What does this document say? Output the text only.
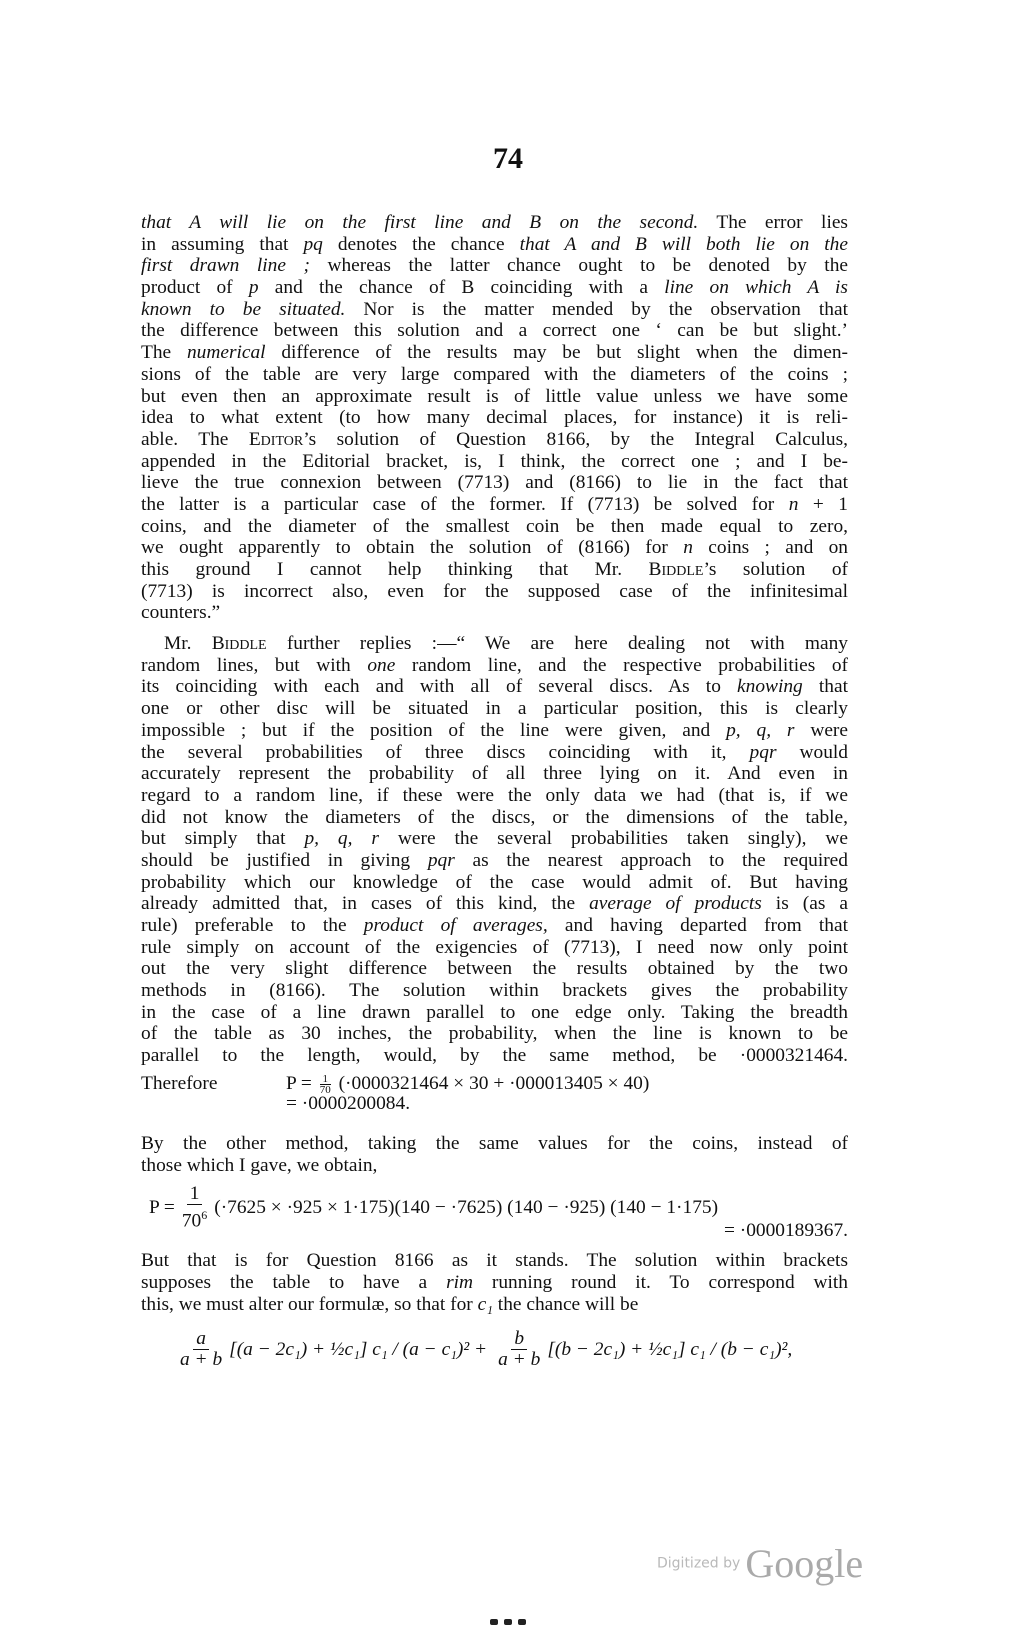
74
that A will lie on the first line and B on the second. The error lies
in assuming that pq denotes the chance that A and B will both lie on the
first drawn line ; whereas the latter chance ought to be denoted by the
product of p and the chance of B coinciding with a line on which A is
known to be situated. Nor is the matter mended by the observation that
the difference between this solution and a correct one ‘ can be but slight.’
The numerical difference of the results may be but slight when the dimen-
sions of the table are very large compared with the diameters of the coins ;
but even then an approximate result is of little value unless we have some
idea to what extent (to how many decimal places, for instance) it is reli-
able. The Editor’s solution of Question 8166, by the Integral Calculus,
appended in the Editorial bracket, is, I think, the correct one ; and I be-
lieve the true connexion between (7713) and (8166) to lie in the fact that
the latter is a particular case of the former. If (7713) be solved for n + 1
coins, and the diameter of the smallest coin be then made equal to zero,
we ought apparently to obtain the solution of (8166) for n coins ; and on
this ground I cannot help thinking that Mr. Biddle’s solution of
(7713) is incorrect also, even for the supposed case of the infinitesimal
counters.”
Mr. Biddle further replies :—“ We are here dealing not with many
random lines, but with one random line, and the respective probabilities of
its coinciding with each and with all of several discs. As to knowing that
one or other disc will be situated in a particular position, this is clearly
impossible ; but if the position of the line were given, and p, q, r were
the several probabilities of three discs coinciding with it, pqr would
accurately represent the probability of all three lying on it. And even in
regard to a random line, if these were the only data we had (that is, if we
did not know the diameters of the discs, or the dimensions of the table,
but simply that p, q, r were the several probabilities taken singly), we
should be justified in giving pqr as the nearest approach to the required
probability which our knowledge of the case would admit of. But having
already admitted that, in cases of this kind, the average of products is (as a
rule) preferable to the product of averages, and having departed from that
rule simply on account of the exigencies of (7713), I need now only point
out the very slight difference between the results obtained by the two
methods in (8166). The solution within brackets gives the probability
in the case of a line drawn parallel to one edge only. Taking the breadth
of the table as 30 inches, the probability, when the line is known to be
parallel to the length, would, by the same method, be ·0000321464.
Therefore	$P = \frac{1}{70} (\cdot 0000321464 \times 30 + \cdot 000013405 \times 40)$
= ·0000200084.
By the other method, taking the same values for the coins, instead of
those which I gave, we obtain,
$P = \frac{1}{70^6} (\cdot 7625 \times \cdot 925 \times 1\cdot 175)(140 - \cdot 7625) (140 - \cdot 925) (140 - 1\cdot 175)$
= ·0000189367.
But that is for Question 8166 as it stands. The solution within brackets
supposes the table to have a rim running round it. To correspond with
this, we must alter our formulæ, so that for c₁ the chance will be
$\frac{a}{a + b} [(a - 2c_1)$ + ½c₁] $c_1 / (a - c_1)^2 + \frac{b}{a + b} [(b - 2c_1)$ + ½c₁] c₁ / (b − c₁)²,
Digitized by Google
